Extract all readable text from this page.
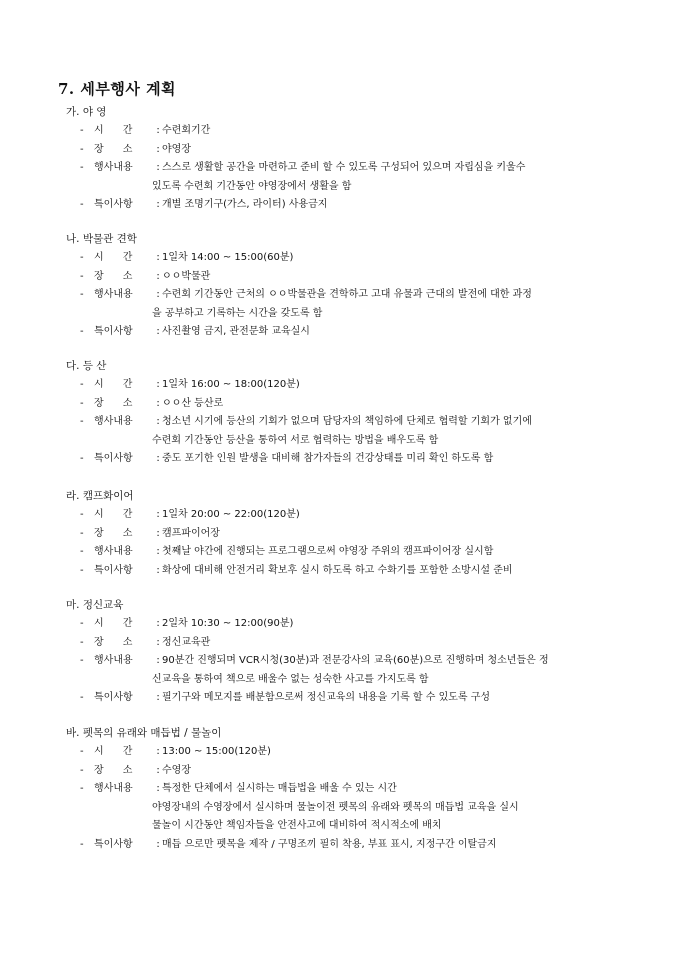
7. 세부행사 계획
가. 야 영
- 시      간 : 수련회기간
- 장      소 : 야영장
- 행사내용 : 스스로 생활할 공간을 마련하고 준비 할 수 있도록 구성되어 있으며 자립심을 키울수
있도록 수련회 기간동안 야영장에서 생활을 함
- 특이사항 : 개별 조명기구(가스, 라이터) 사용금지
나. 박물관 견학
- 시      간 : 1일차 14:00 ~ 15:00(60분)
- 장      소 : ㅇㅇ박물관
- 행사내용 : 수련회 기간동안 근처의 ㅇㅇ박물관을 견학하고 고대 유물과 근대의 발전에 대한 과정
을 공부하고 기록하는 시간을 갖도록 함
- 특이사항 : 사진촬영 금지, 관전문화 교육실시
다. 등 산
- 시      간 : 1일차 16:00 ~ 18:00(120분)
- 장      소 : ㅇㅇ산 등산로
- 행사내용 : 청소년 시기에 등산의 기회가 없으며 담당자의 책임하에 단체로 협력할 기회가 없기에
수련회 기간동안 등산을 통하여 서로 협력하는 방법을 배우도록 함
- 특이사항 : 중도 포기한 인원 발생을 대비해 참가자들의 건강상태를 미리 확인 하도록 함
라. 캠프화이어
- 시      간 : 1일차 20:00 ~ 22:00(120분)
- 장      소 : 캠프파이어장
- 행사내용 : 첫째날 야간에 진행되는 프로그램으로써 야영장 주위의 캠프파이어장 실시함
- 특이사항 : 화상에 대비해 안전거리 확보후 실시 하도록 하고 수화기를 포함한 소방시설 준비
마. 정신교육
- 시      간 : 2일차 10:30 ~ 12:00(90분)
- 장      소 : 정신교육관
- 행사내용 : 90분간 진행되며 VCR시청(30분)과 전문강사의 교육(60분)으로 진행하며 청소년들은 정
신교육을 통하여 책으로 배울수 없는 성숙한 사고를 가지도록 함
- 특이사항 : 필기구와 메모지를 배분함으로써 정신교육의 내용을 기록 할 수 있도록 구성
바. 펫목의 유래와 매듭법 / 물놀이
- 시      간 : 13:00 ~ 15:00(120분)
- 장      소 : 수영장
- 행사내용 : 특정한 단체에서 실시하는 매듭법을 배울 수 있는 시간
야영장내의 수영장에서 실시하며 물놀이전 펫목의 유래와 펫목의 매듭법 교육을 실시
물놀이 시간동안 책임자들을 안전사고에 대비하여 적시적소에 배치
- 특이사항 : 매듭 으로만 펫목을 제작 / 구명조끼 필히 착용, 부표 표시, 지정구간 이탈금지
